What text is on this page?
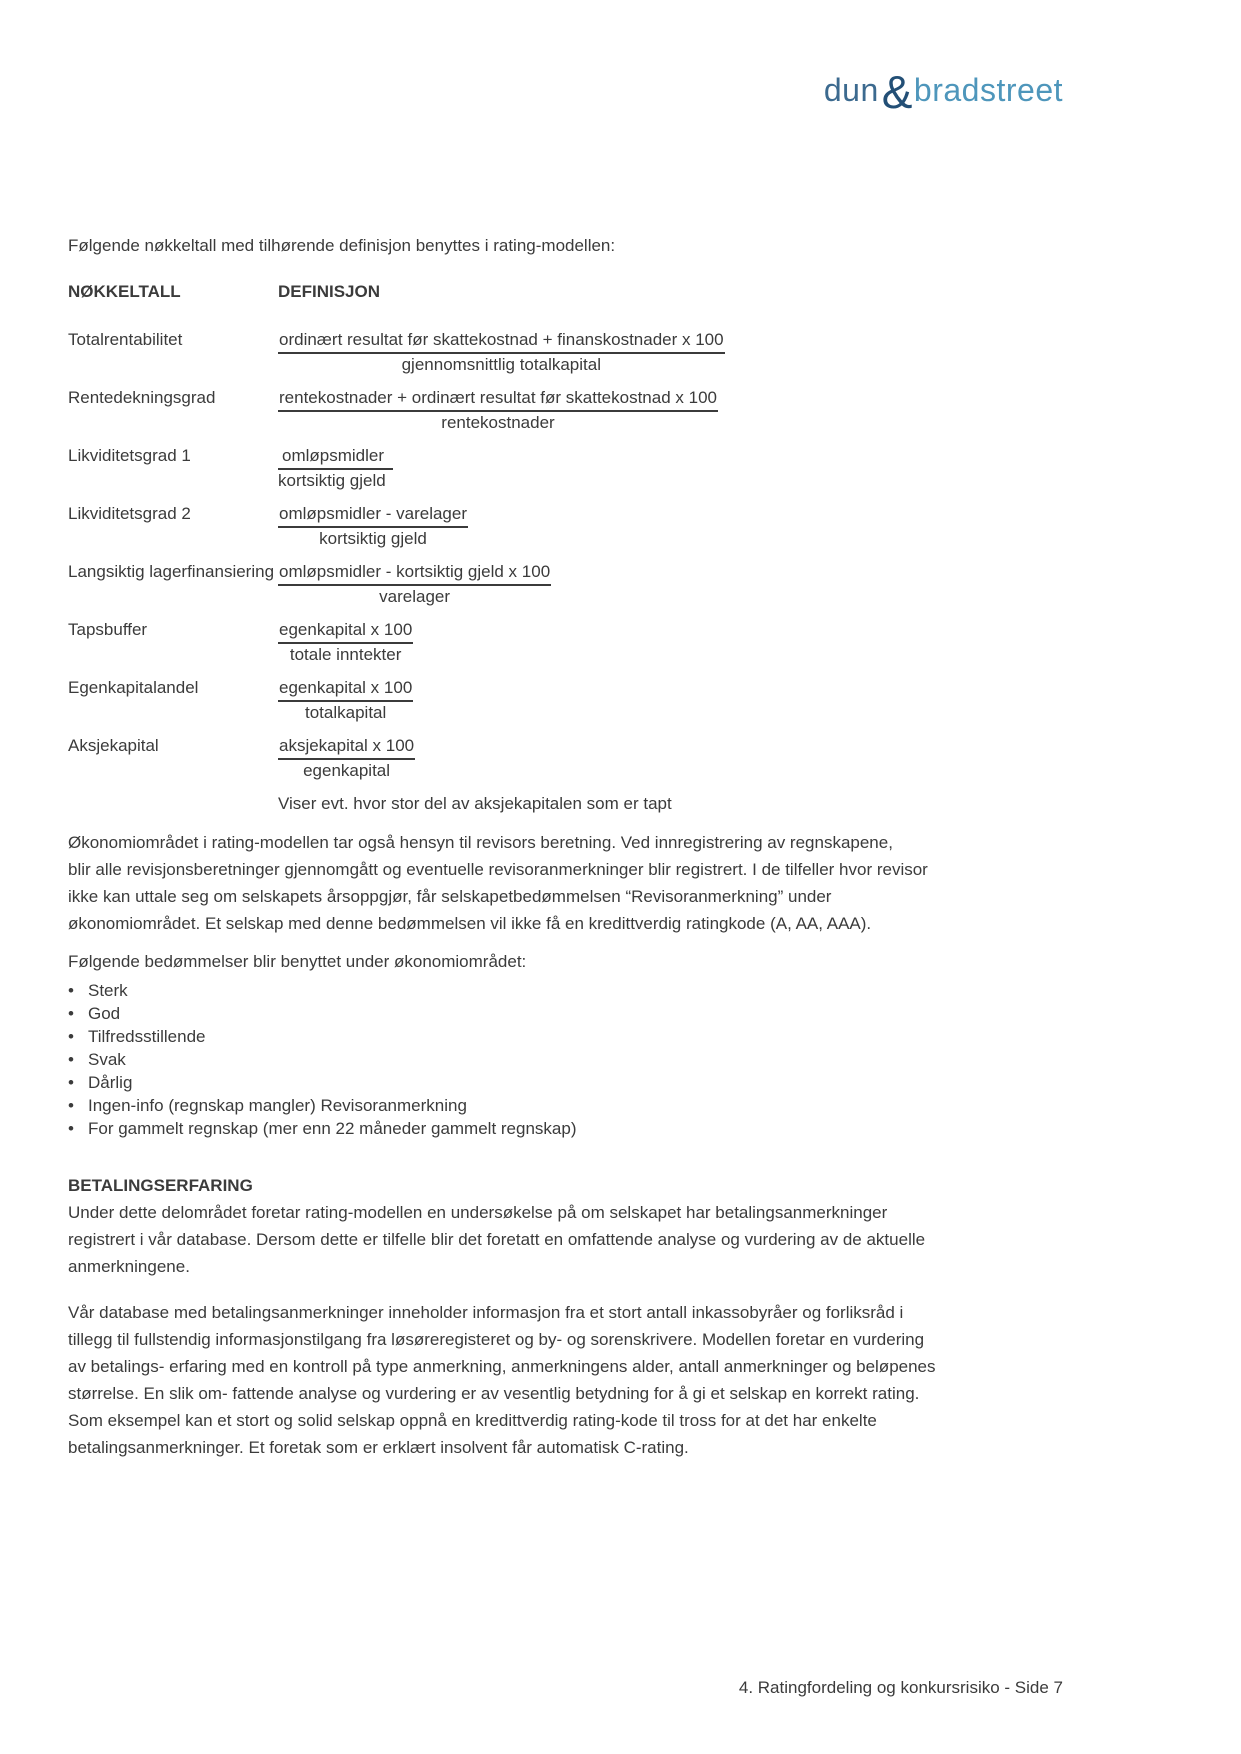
dun&bradstreet
Følgende nøkkeltall med tilhørende definisjon benyttes i rating-modellen:
NØKKELTALL	DEFINISJON
Totalrentabilitet	$\frac{\text{ordinært resultat før skattekostnad + finanskostnader x 100}}{\text{gjennomsnittlig totalkapital}}$
Rentedekningsgrad	$\frac{\text{rentekostnader + ordinært resultat før skattekostnad x 100}}{\text{rentekostnader}}$
Likviditetsgrad 1	$\frac{\text{omløpsmidler}}{\text{kortsiktig gjeld}}$
Likviditetsgrad 2	$\frac{\text{omløpsmidler - varelager}}{\text{kortsiktig gjeld}}$
Langsiktig lagerfinansiering $\frac{\text{omløpsmidler - kortsiktig gjeld x 100}}{\text{varelager}}$
Tapsbuffer	$\frac{\text{egenkapital x 100}}{\text{totale inntekter}}$
Egenkapitalandel	$\frac{\text{egenkapital x 100}}{\text{totalkapital}}$
Aksjekapital	$\frac{\text{aksjekapital x 100}}{\text{egenkapital}}$
Viser evt. hvor stor del av aksjekapitalen som er tapt
Økonomiområdet i rating-modellen tar også hensyn til revisors beretning. Ved innregistrering av regnskapene,
blir alle revisjonsberetninger gjennomgått og eventuelle revisoranmerkninger blir registrert. I de tilfeller hvor revisor
ikke kan uttale seg om selskapets årsoppgjør, får selskapetbedømmelsen “Revisoranmerkning” under
økonomiområdet. Et selskap med denne bedømmelsen vil ikke få en kredittverdig ratingkode (A, AA, AAA).
Følgende bedømmelser blir benyttet under økonomiområdet:
•
Sterk
•
God
•
Tilfredsstillende
•
Svak
•
Dårlig
•
Ingen-info (regnskap mangler) Revisoranmerkning
•
For gammelt regnskap (mer enn 22 måneder gammelt regnskap)
BETALINGSERFARING
Under dette delområdet foretar rating-modellen en undersøkelse på om selskapet har betalingsanmerkninger
registrert i vår database. Dersom dette er tilfelle blir det foretatt en omfattende analyse og vurdering av de aktuelle
anmerkningene.
Vår database med betalingsanmerkninger inneholder informasjon fra et stort antall inkassobyråer og forliksråd i
tillegg til fullstendig informasjonstilgang fra løsøreregisteret og by- og sorenskrivere. Modellen foretar en vurdering
av betalings- erfaring med en kontroll på type anmerkning, anmerkningens alder, antall anmerkninger og beløpenes
størrelse. En slik om- fattende analyse og vurdering er av vesentlig betydning for å gi et selskap en korrekt rating.
Som eksempel kan et stort og solid selskap oppnå en kredittverdig rating-kode til tross for at det har enkelte
betalingsanmerkninger. Et foretak som er erklært insolvent får automatisk C-rating.
4. Ratingfordeling og konkursrisiko - Side 7
